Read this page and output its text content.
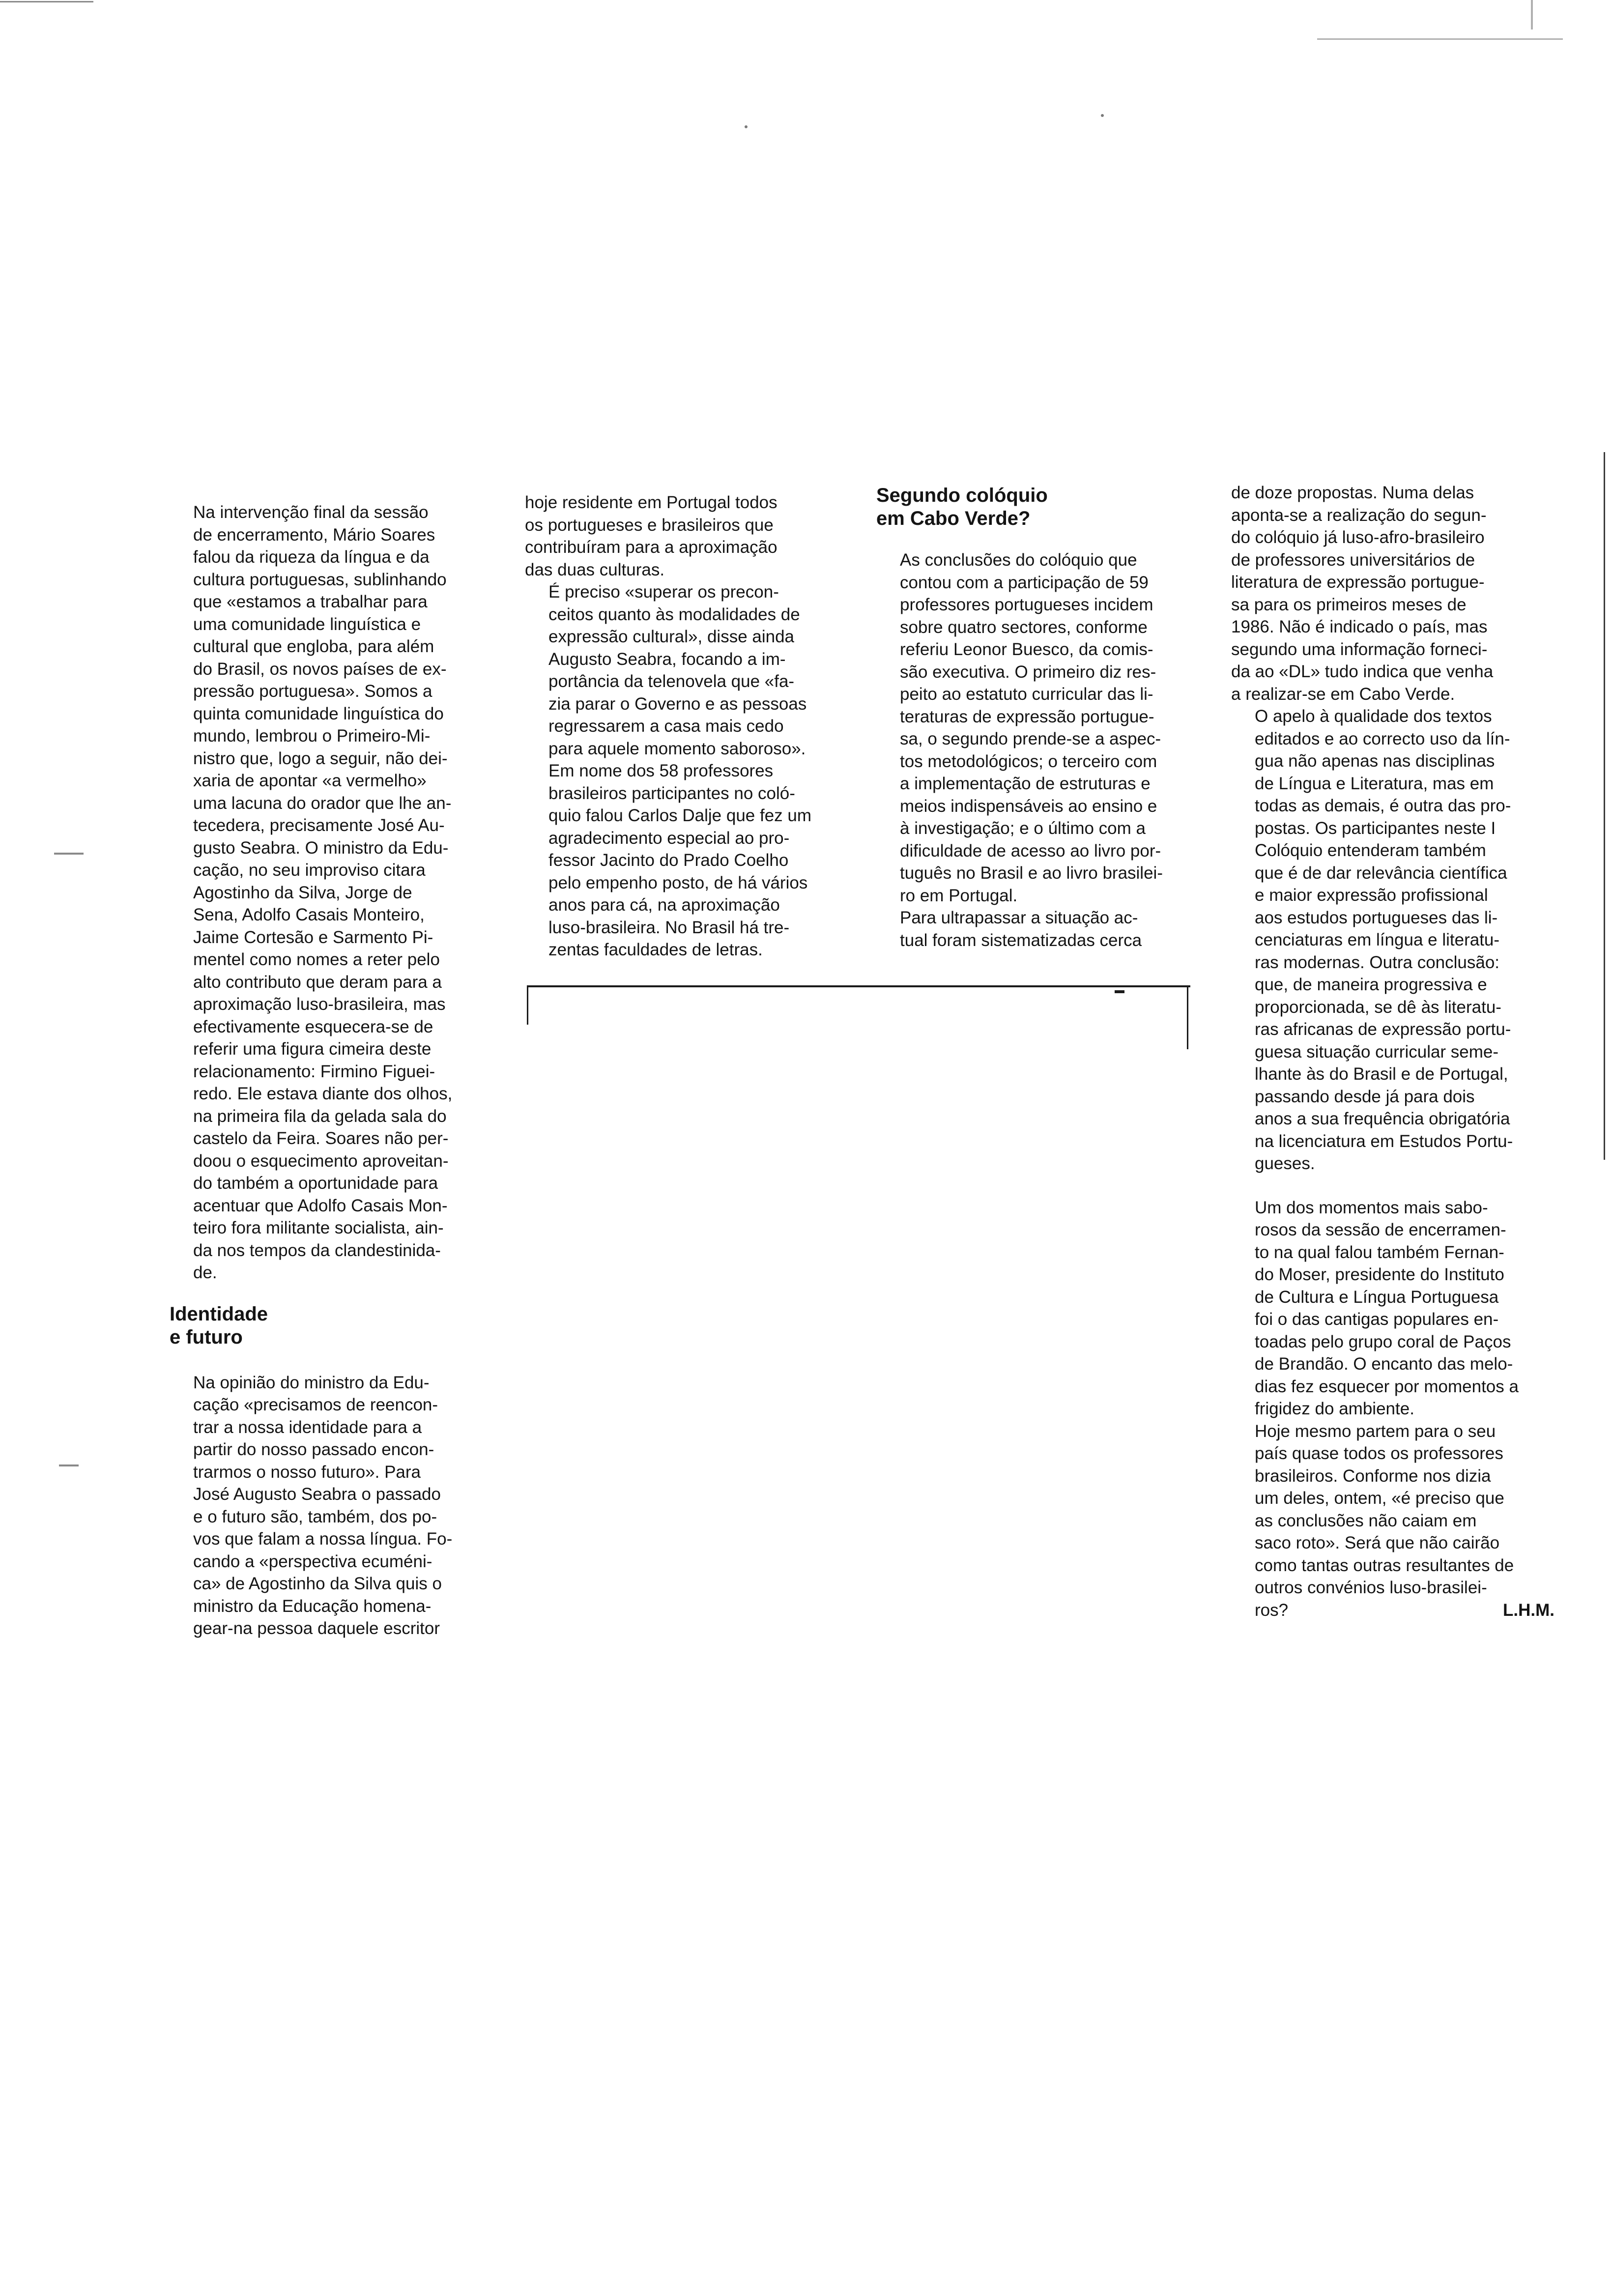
Na intervenção final da sessão
de encerramento, Mário Soares
falou da riqueza da língua e da
cultura portuguesas, sublinhando
que «estamos a trabalhar para
uma comunidade linguística e
cultural que engloba, para além
do Brasil, os novos países de ex-
pressão portuguesa». Somos a
quinta comunidade linguística do
mundo, lembrou o Primeiro-Mi-
nistro que, logo a seguir, não dei-
xaria de apontar «a vermelho»
uma lacuna do orador que lhe an-
tecedera, precisamente José Au-
gusto Seabra. O ministro da Edu-
cação, no seu improviso citara
Agostinho da Silva, Jorge de
Sena, Adolfo Casais Monteiro,
Jaime Cortesão e Sarmento Pi-
mentel como nomes a reter pelo
alto contributo que deram para a
aproximação luso-brasileira, mas
efectivamente esquecera-se de
referir uma figura cimeira deste
relacionamento: Firmino Figuei-
redo. Ele estava diante dos olhos,
na primeira fila da gelada sala do
castelo da Feira. Soares não per-
doou o esquecimento aproveitan-
do também a oportunidade para
acentuar que Adolfo Casais Mon-
teiro fora militante socialista, ain-
da nos tempos da clandestinida-
de.

Identidade
e futuro

Na opinião do ministro da Edu-
cação «precisamos de reencon-
trar a nossa identidade para a
partir do nosso passado encon-
trarmos o nosso futuro». Para
José Augusto Seabra o passado
e o futuro são, também, dos po-
vos que falam a nossa língua. Fo-
cando a «perspectiva ecuméni-
ca» de Agostinho da Silva quis o
ministro da Educação homena-
gear-na pessoa daquele escritor

hoje residente em Portugal todos
os portugueses e brasileiros que
contribuíram para a aproximação
das duas culturas.

É preciso «superar os precon-
ceitos quanto às modalidades de
expressão cultural», disse ainda
Augusto Seabra, focando a im-
portância da telenovela que «fa-
zia parar o Governo e as pessoas
regressarem a casa mais cedo
para aquele momento saboroso».

Em nome dos 58 professores
brasileiros participantes no coló-
quio falou Carlos Dalje que fez um
agradecimento especial ao pro-
fessor Jacinto do Prado Coelho
pelo empenho posto, de há vários
anos para cá, na aproximação
luso-brasileira. No Brasil há tre-
zentas faculdades de letras.

Segundo colóquio
em Cabo Verde?

As conclusões do colóquio que
contou com a participação de 59
professores portugueses incidem
sobre quatro sectores, conforme
referiu Leonor Buesco, da comis-
são executiva. O primeiro diz res-
peito ao estatuto curricular das li-
teraturas de expressão portugue-
sa, o segundo prende-se a aspec-
tos metodológicos; o terceiro com
a implementação de estruturas e
meios indispensáveis ao ensino e
à investigação; e o último com a
dificuldade de acesso ao livro por-
tuguês no Brasil e ao livro brasilei-
ro em Portugal.

Para ultrapassar a situação ac-
tual foram sistematizadas cerca

de doze propostas. Numa delas
aponta-se a realização do segun-
do colóquio já luso-afro-brasileiro
de professores universitários de
literatura de expressão portugue-
sa para os primeiros meses de
1986. Não é indicado o país, mas
segundo uma informação forneci-
da ao «DL» tudo indica que venha
a realizar-se em Cabo Verde.

O apelo à qualidade dos textos
editados e ao correcto uso da lín-
gua não apenas nas disciplinas
de Língua e Literatura, mas em
todas as demais, é outra das pro-
postas. Os participantes neste I
Colóquio entenderam também
que é de dar relevância científica
e maior expressão profissional
aos estudos portugueses das li-
cenciaturas em língua e literatu-
ras modernas. Outra conclusão:
que, de maneira progressiva e
proporcionada, se dê às literatu-
ras africanas de expressão portu-
guesa situação curricular seme-
lhante às do Brasil e de Portugal,
passando desde já para dois
anos a sua frequência obrigatória
na licenciatura em Estudos Portu-
gueses.

Um dos momentos mais sabo-
rosos da sessão de encerramen-
to na qual falou também Fernan-
do Moser, presidente do Instituto
de Cultura e Língua Portuguesa
foi o das cantigas populares en-
toadas pelo grupo coral de Paços
de Brandão. O encanto das melo-
dias fez esquecer por momentos a
frigidez do ambiente.

Hoje mesmo partem para o seu
país quase todos os professores
brasileiros. Conforme nos dizia
um deles, ontem, «é preciso que
as conclusões não caiam em
saco roto». Será que não cairão
como tantas outras resultantes de
outros convénios luso-brasilei-
ros?	L.H.M.
